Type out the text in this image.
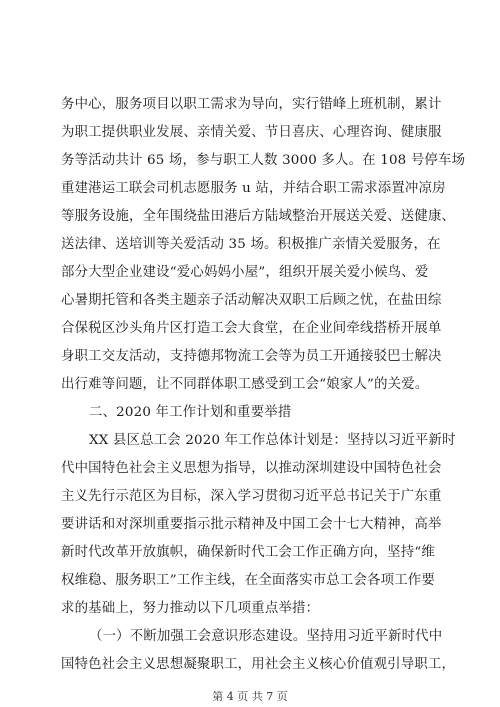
务中心，服务项目以职工需求为导向，实行错峰上班机制，累计
为职工提供职业发展、亲情关爱、节日喜庆、心理咨询、健康服
务等活动共计 65 场，参与职工人数 3000 多人。在 108 号停车场
重建港运工联会司机志愿服务 u 站，并结合职工需求添置冲凉房
等服务设施，全年围绕盐田港后方陆域整治开展送关爱、送健康、
送法律、送培训等关爱活动 35 场。积极推广亲情关爱服务，在
部分大型企业建设“爱心妈妈小屋”，组织开展关爱小候鸟、爱
心暑期托管和各类主题亲子活动解决双职工后顾之忧，在盐田综
合保税区沙头角片区打造工会大食堂，在企业间牵线搭桥开展单
身职工交友活动，支持德邦物流工会等为员工开通接驳巴士解决
出行难等问题，让不同群体职工感受到工会“娘家人”的关爱。
二、2020 年工作计划和重要举措
XX 县区总工会 2020 年工作总体计划是：坚持以习近平新时
代中国特色社会主义思想为指导，以推动深圳建设中国特色社会
主义先行示范区为目标，深入学习贯彻习近平总书记关于广东重
要讲话和对深圳重要指示批示精神及中国工会十七大精神，高举
新时代改革开放旗帜，确保新时代工会工作正确方向，坚持“维
权维稳、服务职工”工作主线，在全面落实市总工会各项工作要
求的基础上，努力推动以下几项重点举措：
（一）不断加强工会意识形态建设。坚持用习近平新时代中
国特色社会主义思想凝聚职工，用社会主义核心价值观引导职工，
第 4 页 共 7 页
